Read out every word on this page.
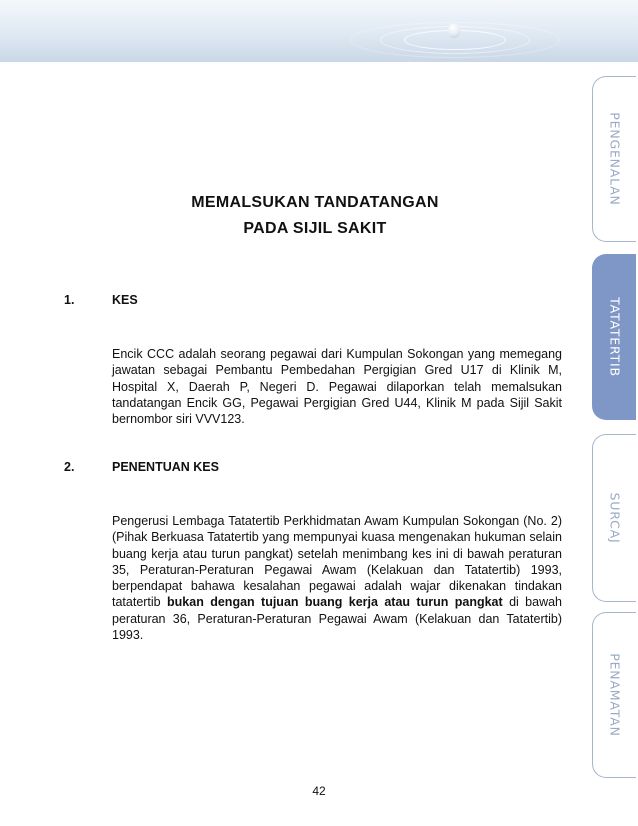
MEMALSUKAN TANDATANGAN
PADA SIJIL SAKIT
1.	KES
Encik CCC adalah seorang pegawai dari Kumpulan Sokongan yang memegang jawatan sebagai Pembantu Pembedahan Pergigian Gred U17 di Klinik M, Hospital X, Daerah P, Negeri D. Pegawai dilaporkan telah memalsukan tandatangan Encik GG, Pegawai Pergigian Gred U44, Klinik M pada Sijil Sakit bernombor siri VVV123.
2.	PENENTUAN KES
Pengerusi Lembaga Tatatertib Perkhidmatan Awam Kumpulan Sokongan (No. 2) (Pihak Berkuasa Tatatertib yang mempunyai kuasa mengenakan hukuman selain buang kerja atau turun pangkat) setelah menimbang kes ini di bawah peraturan 35, Peraturan-Peraturan Pegawai Awam (Kelakuan dan Tatatertib) 1993, berpendapat bahawa kesalahan pegawai adalah wajar dikenakan tindakan tatatertib bukan dengan tujuan buang kerja atau turun pangkat di bawah peraturan 36, Peraturan-Peraturan Pegawai Awam (Kelakuan dan Tatatertib) 1993.
PENGENALAN
TATATERTIB
SURCAJ
PENAMATAN
42
